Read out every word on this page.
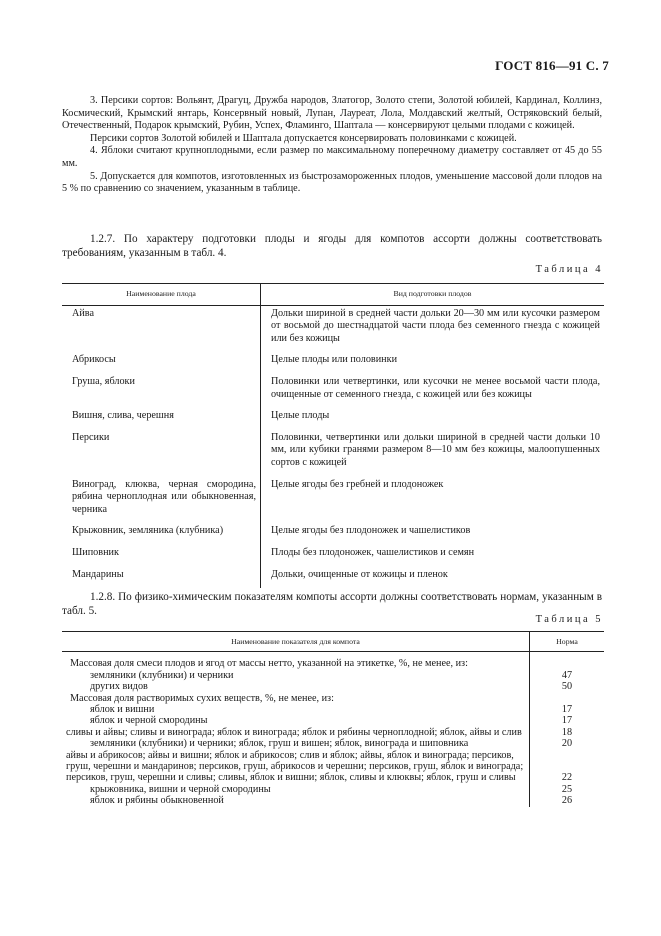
ГОСТ 816—91 С. 7

3. Персики сортов: Вольянт, Драгуц, Дружба народов, Златогор, Золото степи, Золотой юбилей, Кардинал, Коллинз, Космический, Крымский янтарь, Консервный новый, Лупан, Лауреат, Лола, Молдавский желтый, Остряковский белый, Отечественный, Подарок крымский, Рубин, Успех, Фламинго, Шаптала — консервируют целыми плодами с кожицей.

Персики сортов Золотой юбилей и Шаптала допускается консервировать половинками с кожицей.

4. Яблоки считают крупноплодными, если размер по максимальному поперечному диаметру составляет от 45 до 55 мм.

5. Допускается для компотов, изготовленных из быстрозамороженных плодов, уменьшение массовой доли плодов на 5 % по сравнению со значением, указанным в таблице.

1.2.7. По характеру подготовки плоды и ягоды для компотов ассорти должны соответствовать требованиям, указанным в табл. 4.

Таблица 4
Наименование плода	Вид подготовки плодов
Айва	Дольки шириной в средней части дольки 20—30 мм или кусочки размером от восьмой до шестнадцатой части плода без семенного гнезда с кожицей или без кожицы
Абрикосы	Целые плоды или половинки
Груша, яблоки	Половинки или четвертинки, или кусочки не менее восьмой части плода, очищенные от семенного гнезда, с кожицей или без кожицы
Вишня, слива, черешня	Целые плоды
Персики	Половинки, четвертинки или дольки шириной в средней части дольки 10 мм, или кубики гранями размером 8—10 мм без кожицы, малоопушенных сортов с кожицей
Виноград, клюква, черная смородина, рябина черноплодная или обыкновенная, черника	Целые ягоды без гребней и плодоножек
Крыжовник, земляника (клубника)	Целые ягоды без плодоножек и чашелистиков
Шиповник	Плоды без плодоножек, чашелистиков и семян
Мандарины	Дольки, очищенные от кожицы и пленок

1.2.8. По физико-химическим показателям компоты ассорти должны соответствовать нормам, указанным в табл. 5.

Таблица 5
Наименование показателя для компота	Норма
Массовая доля смеси плодов и ягод от массы нетто, указанной на этикетке, %, не менее, из:	
земляники (клубники) и черники	47
других видов	50
Массовая доля растворимых сухих веществ, %, не менее, из:	
яблок и вишни	17
яблок и черной смородины	17
сливы и айвы; сливы и винограда; яблок и винограда; яблок и рябины черноплодной; яблок, айвы и слив	18
земляники (клубники) и черники; яблок, груш и вишен; яблок, винограда и шиповника	20
айвы и абрикосов; айвы и вишни; яблок и абрикосов; слив и яблок; айвы, яблок и винограда; персиков, груш, черешни и мандаринов; персиков, груш, абрикосов и черешни; персиков, груш, яблок и винограда; персиков, груш, черешни и сливы; сливы, яблок и вишни; яблок, сливы и клюквы; яблок, груш и сливы	22
крыжовника, вишни и черной смородины	25
яблок и рябины обыкновенной	26
